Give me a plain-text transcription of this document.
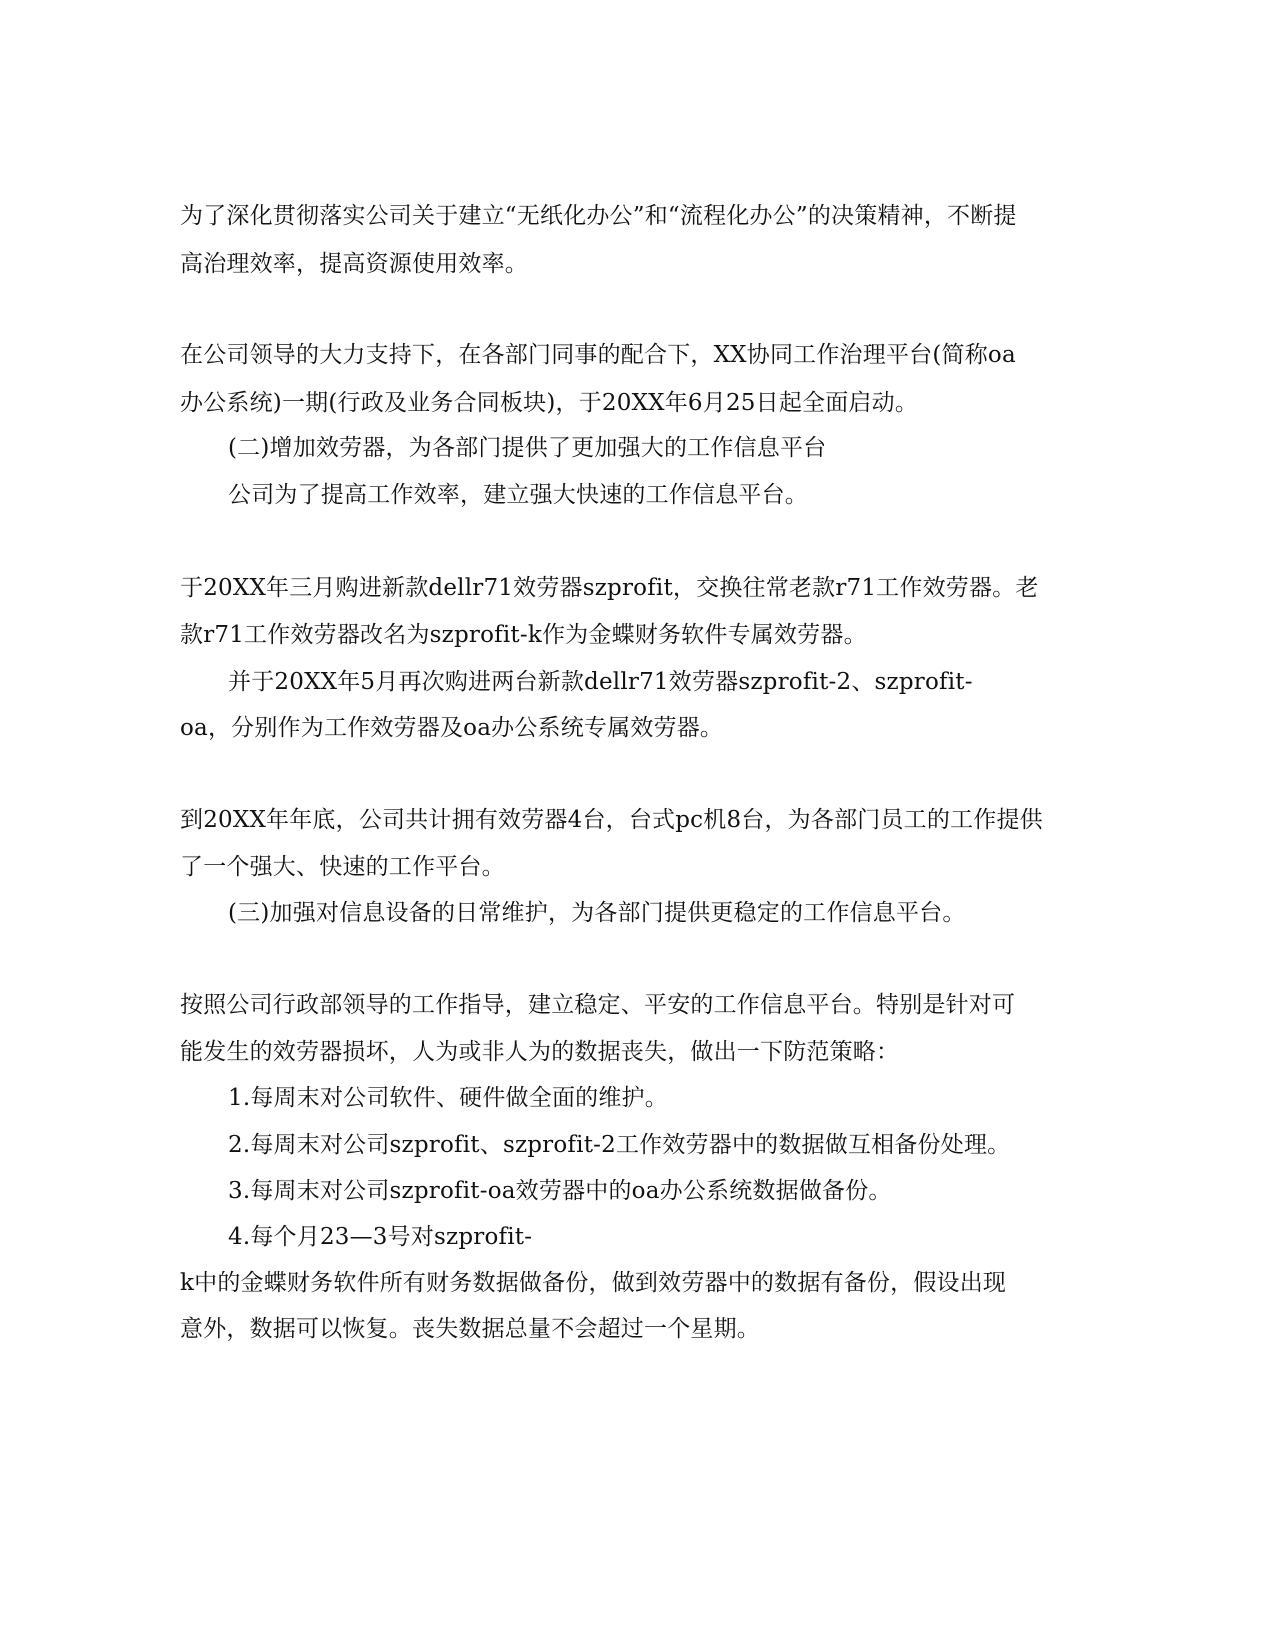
为了深化贯彻落实公司关于建立“无纸化办公”和“流程化办公”的决策精神，不断提
高治理效率，提高资源使用效率。
在公司领导的大力支持下，在各部门同事的配合下，XX协同工作治理平台(简称oa
办公系统)一期(行政及业务合同板块)，于20XX年6月25日起全面启动。
(二)增加效劳器，为各部门提供了更加强大的工作信息平台
公司为了提高工作效率，建立强大快速的工作信息平台。
于20XX年三月购进新款dellr71效劳器szprofit，交换往常老款r71工作效劳器。老
款r71工作效劳器改名为szprofit-k作为金蝶财务软件专属效劳器。
并于20XX年5月再次购进两台新款dellr71效劳器szprofit-2、szprofit-
oa，分别作为工作效劳器及oa办公系统专属效劳器。
到20XX年年底，公司共计拥有效劳器4台，台式pc机8台，为各部门员工的工作提供
了一个强大、快速的工作平台。
(三)加强对信息设备的日常维护，为各部门提供更稳定的工作信息平台。
按照公司行政部领导的工作指导，建立稳定、平安的工作信息平台。特别是针对可
能发生的效劳器损坏，人为或非人为的数据丧失，做出一下防范策略：
1.每周末对公司软件、硬件做全面的维护。
2.每周末对公司szprofit、szprofit-2工作效劳器中的数据做互相备份处理。
3.每周末对公司szprofit-oa效劳器中的oa办公系统数据做备份。
4.每个月23—3号对szprofit-
k中的金蝶财务软件所有财务数据做备份，做到效劳器中的数据有备份，假设出现
意外，数据可以恢复。丧失数据总量不会超过一个星期。
